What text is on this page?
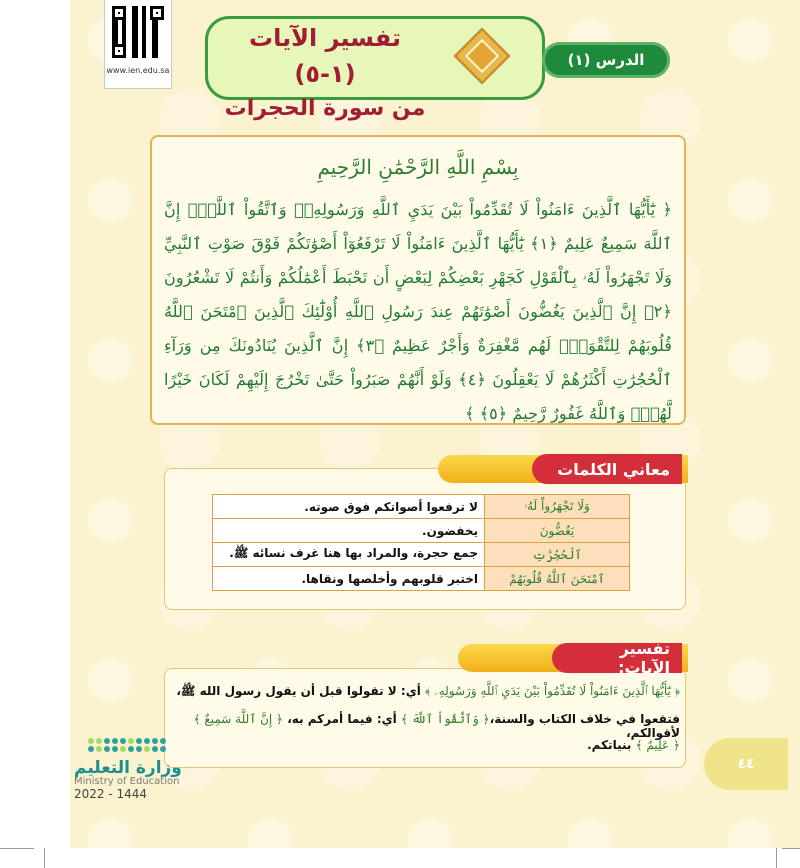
www.ien.edu.sa
تفسير الآيات (١-٥)
من سورة الحجرات
الدرس (١)
بِسْمِ اللَّهِ الرَّحْمَٰنِ الرَّحِيمِ
﴿ يَٰٓأَيُّهَا ٱلَّذِينَ ءَامَنُواْ لَا تُقَدِّمُواْ بَيْنَ يَدَيِ ٱللَّهِ وَرَسُولِهِۦۖ وَٱتَّقُواْ ٱللَّهَۚ إِنَّ ٱللَّهَ سَمِيعٌ عَلِيمٌ ﴿١﴾ يَٰٓأَيُّهَا ٱلَّذِينَ ءَامَنُواْ لَا تَرْفَعُوٓاْ أَصْوَٰتَكُمْ فَوْقَ صَوْتِ ٱلنَّبِيِّ وَلَا تَجْهَرُواْ لَهُۥ بِٱلْقَوْلِ كَجَهْرِ بَعْضِكُمْ لِبَعْضٍ أَن تَحْبَطَ أَعْمَٰلُكُمْ وَأَنتُمْ لَا تَشْعُرُونَ ﴿٢﴾ إِنَّ ٱلَّذِينَ يَغُضُّونَ أَصْوَٰتَهُمْ عِندَ رَسُولِ ٱللَّهِ أُوْلَٰٓئِكَ ٱلَّذِينَ ٱمْتَحَنَ ٱللَّهُ قُلُوبَهُمْ لِلتَّقْوَىٰۚ لَهُم مَّغْفِرَةٌ وَأَجْرٌ عَظِيمٌ ﴿٣﴾ إِنَّ ٱلَّذِينَ يُنَادُونَكَ مِن وَرَآءِ ٱلْحُجُرَٰتِ أَكْثَرُهُمْ لَا يَعْقِلُونَ ﴿٤﴾ وَلَوْ أَنَّهُمْ صَبَرُواْ حَتَّىٰ تَخْرُجَ إِلَيْهِمْ لَكَانَ خَيْرًا لَّهُمْۚ وَٱللَّهُ غَفُورٌ رَّحِيمٌ ﴿٥﴾ ﴾
معاني الكلمات
وَلَا تَجْهَرُواْ لَهُۥ	لا ترفعوا أصواتكم فوق صوته.
يَغُضُّونَ	يخفضون.
ٱلْحُجُرَٰتِ	جمع حجرة، والمراد بها هنا غرف نسائه ﷺ.
ٱمْتَحَنَ ٱللَّهُ قُلُوبَهُمْ	اختبر قلوبهم وأخلصها ونقاها.
تفسير الآيات:
﴿ يَٰٓأَيُّهَا ٱلَّذِينَ ءَامَنُواْ لَا تُقَدِّمُواْ بَيْنَ يَدَيِ ٱللَّهِ وَرَسُولِهِۦ ﴾ أي: لا تقولوا قبل أن يقول رسول الله ﷺ،
فتقعوا في خلاف الكتاب والسنة،﴿ وَٱتَّقُواْ ٱللَّهَ ﴾ أي: فيما أمركم به، ﴿ إِنَّ ٱللَّهَ سَمِيعٌ ﴾ لأقوالكم،
﴿ عَلِيمٌ ﴾ بنياتكم.
٤٤
وزارة التعليم
Ministry of Education
2022 - 1444
